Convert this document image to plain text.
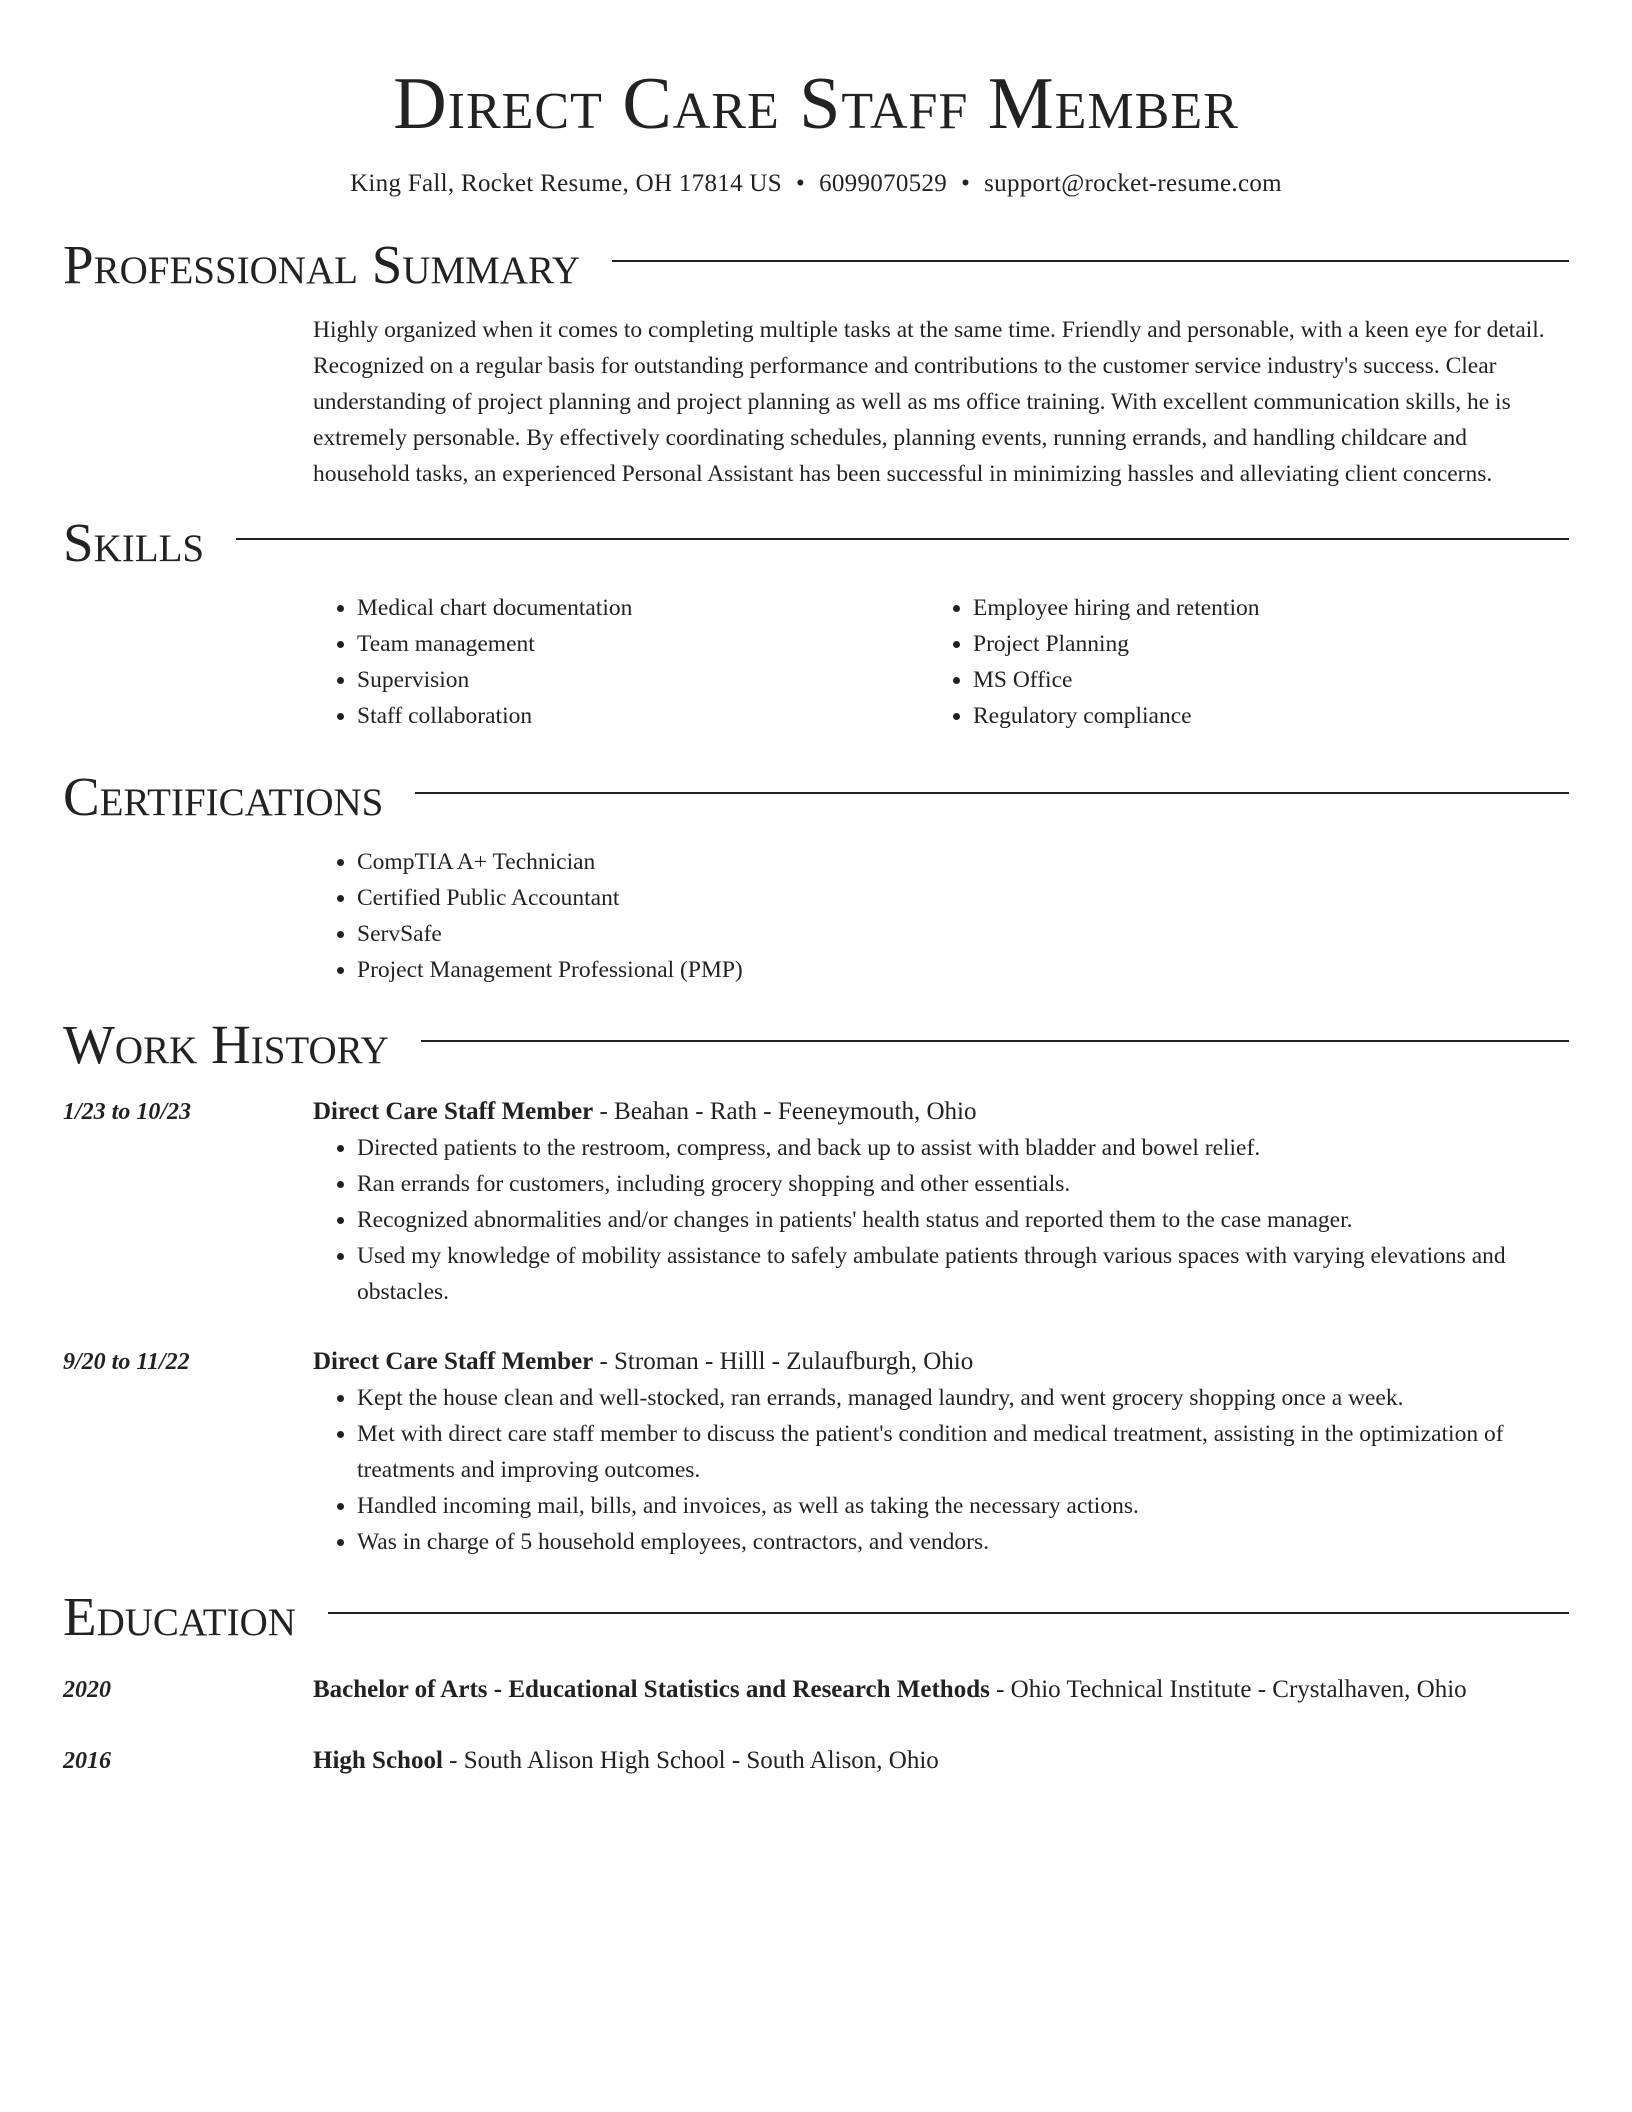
Direct Care Staff Member
King Fall, Rocket Resume, OH 17814 US • 6099070529 • support@rocket-resume.com
Professional Summary
Highly organized when it comes to completing multiple tasks at the same time. Friendly and personable, with a keen eye for detail. Recognized on a regular basis for outstanding performance and contributions to the customer service industry's success. Clear understanding of project planning and project planning as well as ms office training. With excellent communication skills, he is extremely personable. By effectively coordinating schedules, planning events, running errands, and handling childcare and household tasks, an experienced Personal Assistant has been successful in minimizing hassles and alleviating client concerns.
Skills
• Medical chart documentation
• Team management
• Supervision
• Staff collaboration
• Employee hiring and retention
• Project Planning
• MS Office
• Regulatory compliance
Certifications
• CompTIA A+ Technician
• Certified Public Accountant
• ServSafe
• Project Management Professional (PMP)
Work History
1/23 to 10/23	Direct Care Staff Member - Beahan - Rath - Feeneymouth, Ohio
• Directed patients to the restroom, compress, and back up to assist with bladder and bowel relief.
• Ran errands for customers, including grocery shopping and other essentials.
• Recognized abnormalities and/or changes in patients' health status and reported them to the case manager.
• Used my knowledge of mobility assistance to safely ambulate patients through various spaces with varying elevations and obstacles.
9/20 to 11/22	Direct Care Staff Member - Stroman - Hilll - Zulaufburgh, Ohio
• Kept the house clean and well-stocked, ran errands, managed laundry, and went grocery shopping once a week.
• Met with direct care staff member to discuss the patient's condition and medical treatment, assisting in the optimization of treatments and improving outcomes.
• Handled incoming mail, bills, and invoices, as well as taking the necessary actions.
• Was in charge of 5 household employees, contractors, and vendors.
Education
2020	Bachelor of Arts - Educational Statistics and Research Methods - Ohio Technical Institute - Crystalhaven, Ohio
2016	High School - South Alison High School - South Alison, Ohio
